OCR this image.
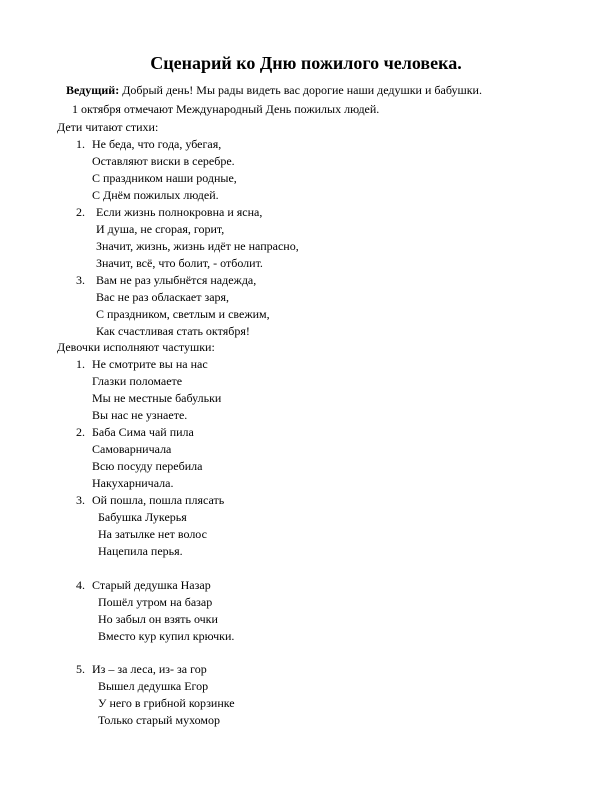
Сценарий ко Дню пожилого человека.

Ведущий: Добрый день! Мы рады видеть вас дорогие наши дедушки и бабушки.

1 октября отмечают Международный День пожилых людей.

Дети читают стихи:

1. Не беда, что года, убегая,
Оставляют виски в серебре.
С праздником наши родные,
С Днём пожилых людей.
2. Если жизнь полнокровна и ясна,
И душа, не сгорая, горит,
Значит, жизнь, жизнь идёт не напрасно,
Значит, всё, что болит, - отболит.
3. Вам не раз улыбнётся надежда,
Вас не раз обласкает заря,
С праздником, светлым и свежим,
Как счастливая стать октября!

Девочки исполняют частушки:

1. Не смотрите вы на нас
Глазки поломаете
Мы не местные бабульки
Вы нас не узнаете.
2. Баба Сима чай пила
Самоварничала
Всю посуду перебила
Накухарничала.
3. Ой пошла, пошла плясать
Бабушка Лукерья
На затылке нет волос
Нацепила перья.
4. Старый дедушка Назар
Пошёл утром на базар
Но забыл он взять очки
Вместо кур купил крючки.
5. Из – за леса, из- за гор
Вышел дедушка Егор
У него в грибной корзинке
Только старый мухомор
